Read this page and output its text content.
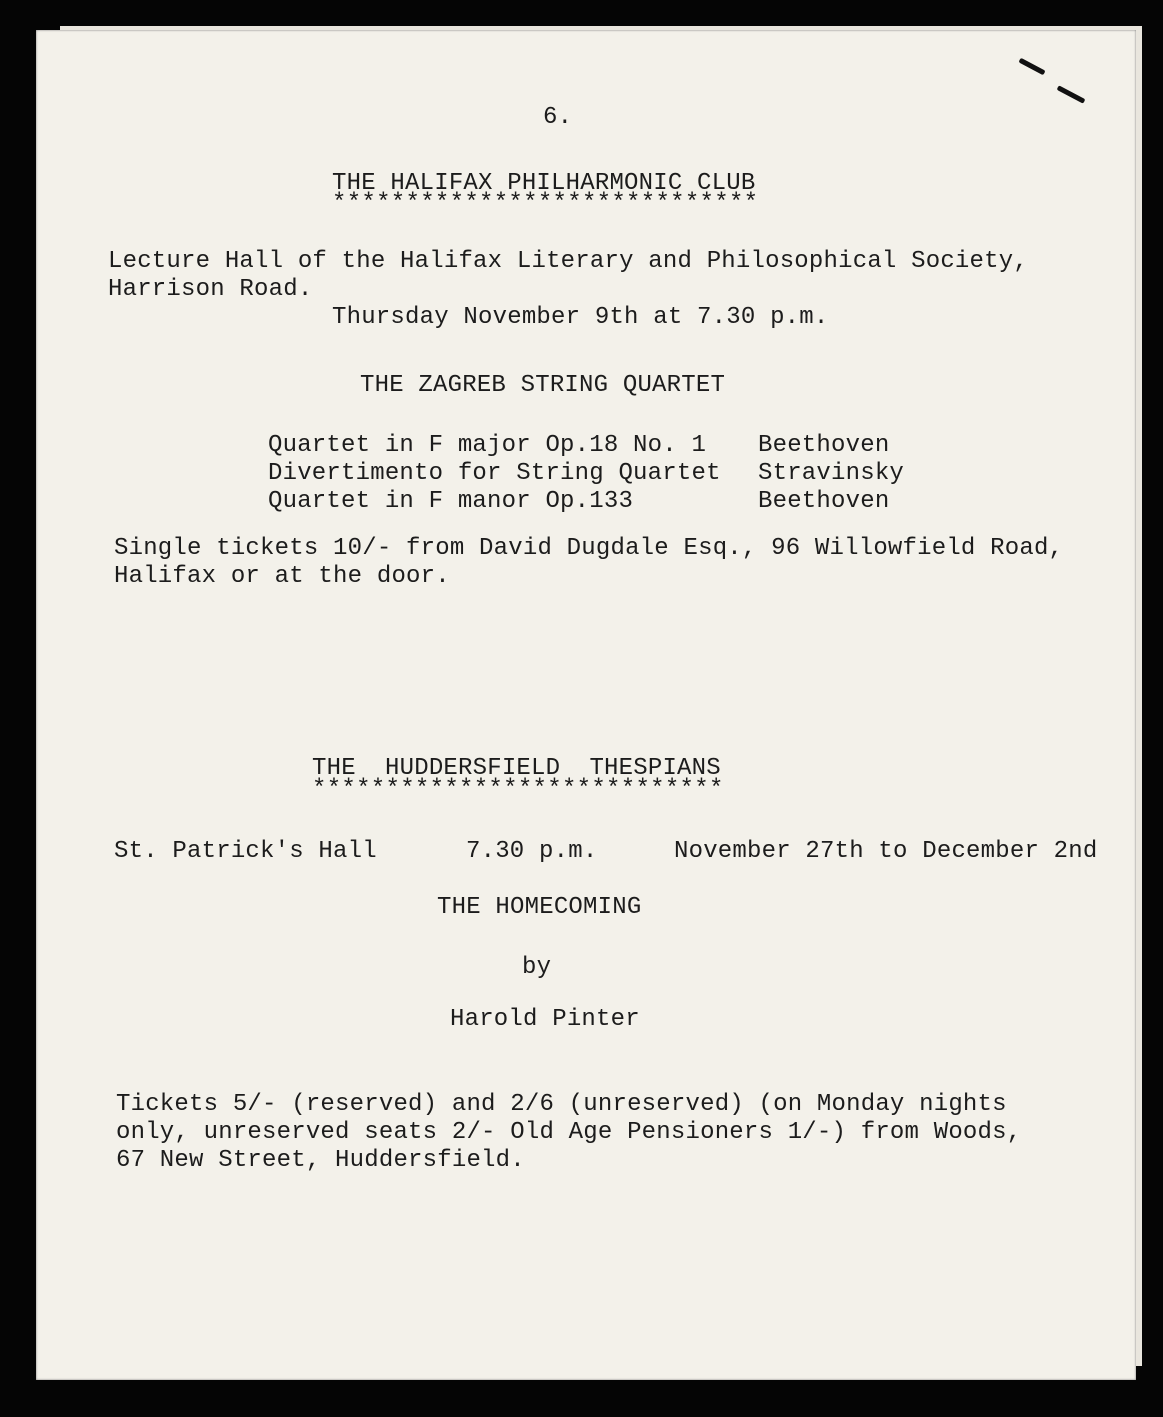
6.
THE HALIFAX PHILHARMONIC CLUB
*****************************
Lecture Hall of the Halifax Literary and Philosophical Society,
Harrison Road.
Thursday November 9th at 7.30 p.m.
THE ZAGREB STRING QUARTET
Quartet in F major Op.18 No. 1 Beethoven
Divertimento for String Quartet Stravinsky
Quartet in F manor Op.133	Beethoven
Single tickets 10/- from David Dugdale Esq., 96 Willowfield Road,
Halifax or at the door.
THE  HUDDERSFIELD  THESPIANS
****************************
St. Patrick's Hall	7.30 p.m.	November 27th to December 2nd
THE HOMECOMING
by
Harold Pinter
Tickets 5/- (reserved) and 2/6 (unreserved) (on Monday nights
only, unreserved seats 2/- Old Age Pensioners 1/-) from Woods,
67 New Street, Huddersfield.
